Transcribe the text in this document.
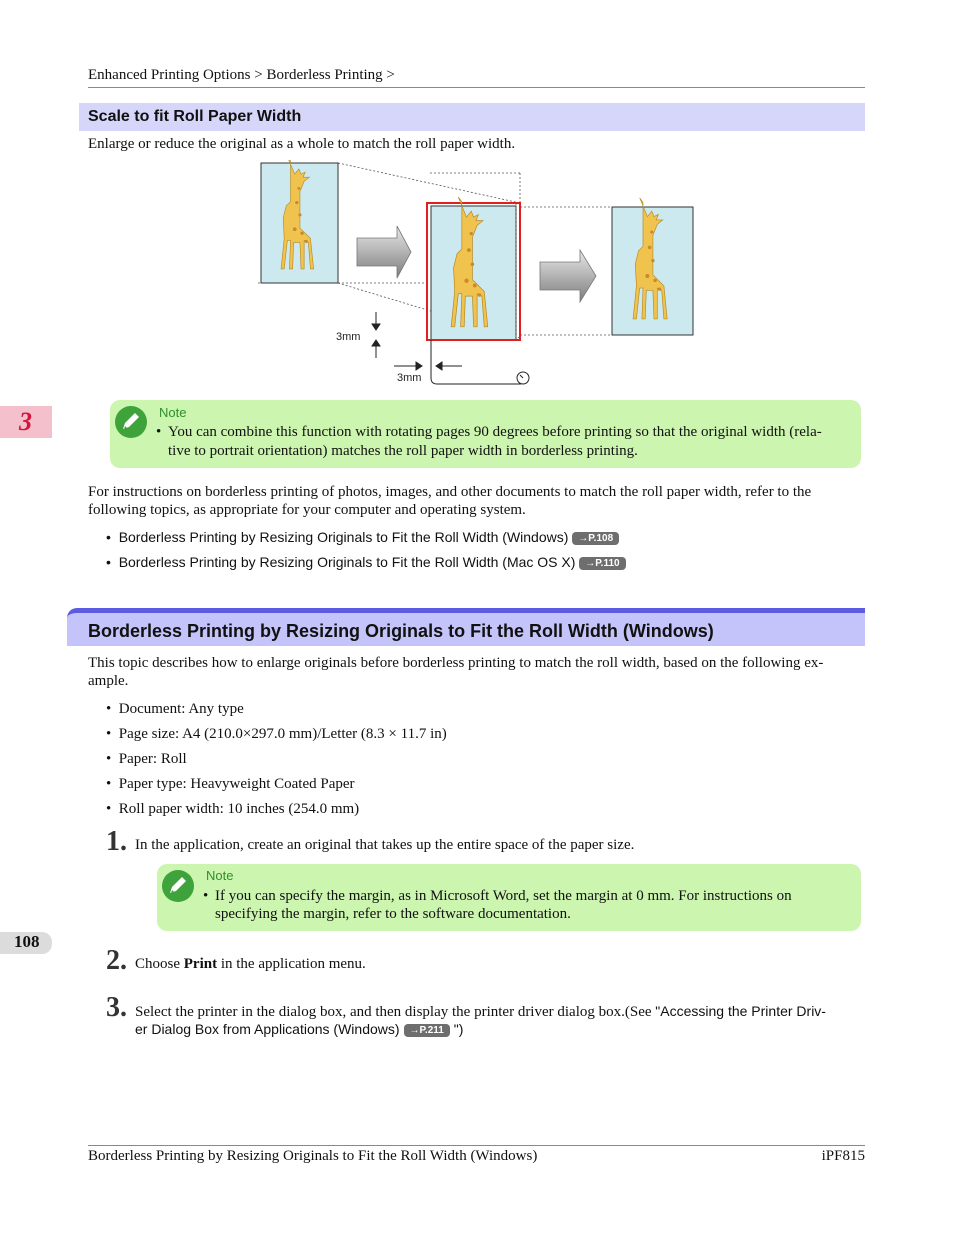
Enhanced Printing Options > Borderless Printing >
Scale to fit Roll Paper Width
Enlarge or reduce the original as a whole to match the roll paper width.
3mm
3mm
Note
• You can combine this function with rotating pages 90 degrees before printing so that the original width (rela-
tive to portrait orientation) matches the roll paper width in borderless printing.
For instructions on borderless printing of photos, images, and other documents to match the roll paper width, refer to the
following topics, as appropriate for your computer and operating system.
•  Borderless Printing by Resizing Originals to Fit the Roll Width (Windows) →P.108
•  Borderless Printing by Resizing Originals to Fit the Roll Width (Mac OS X) →P.110
Borderless Printing by Resizing Originals to Fit the Roll Width (Windows)
This topic describes how to enlarge originals before borderless printing to match the roll width, based on the following ex-
ample.
•  Document: Any type
•  Page size: A4 (210.0×297.0 mm)/Letter (8.3 × 11.7 in)
•  Paper: Roll
•  Paper type: Heavyweight Coated Paper
•  Roll paper width: 10 inches (254.0 mm)
1. In the application, create an original that takes up the entire space of the paper size.
Note
• If you can specify the margin, as in Microsoft Word, set the margin at 0 mm. For instructions on
specifying the margin, refer to the software documentation.
2. Choose Print in the application menu.
3. Select the printer in the dialog box, and then display the printer driver dialog box.(See "Accessing the Printer Driv-
er Dialog Box from Applications (Windows) →P.211 ")
3
108
Borderless Printing by Resizing Originals to Fit the Roll Width (Windows)	iPF815
